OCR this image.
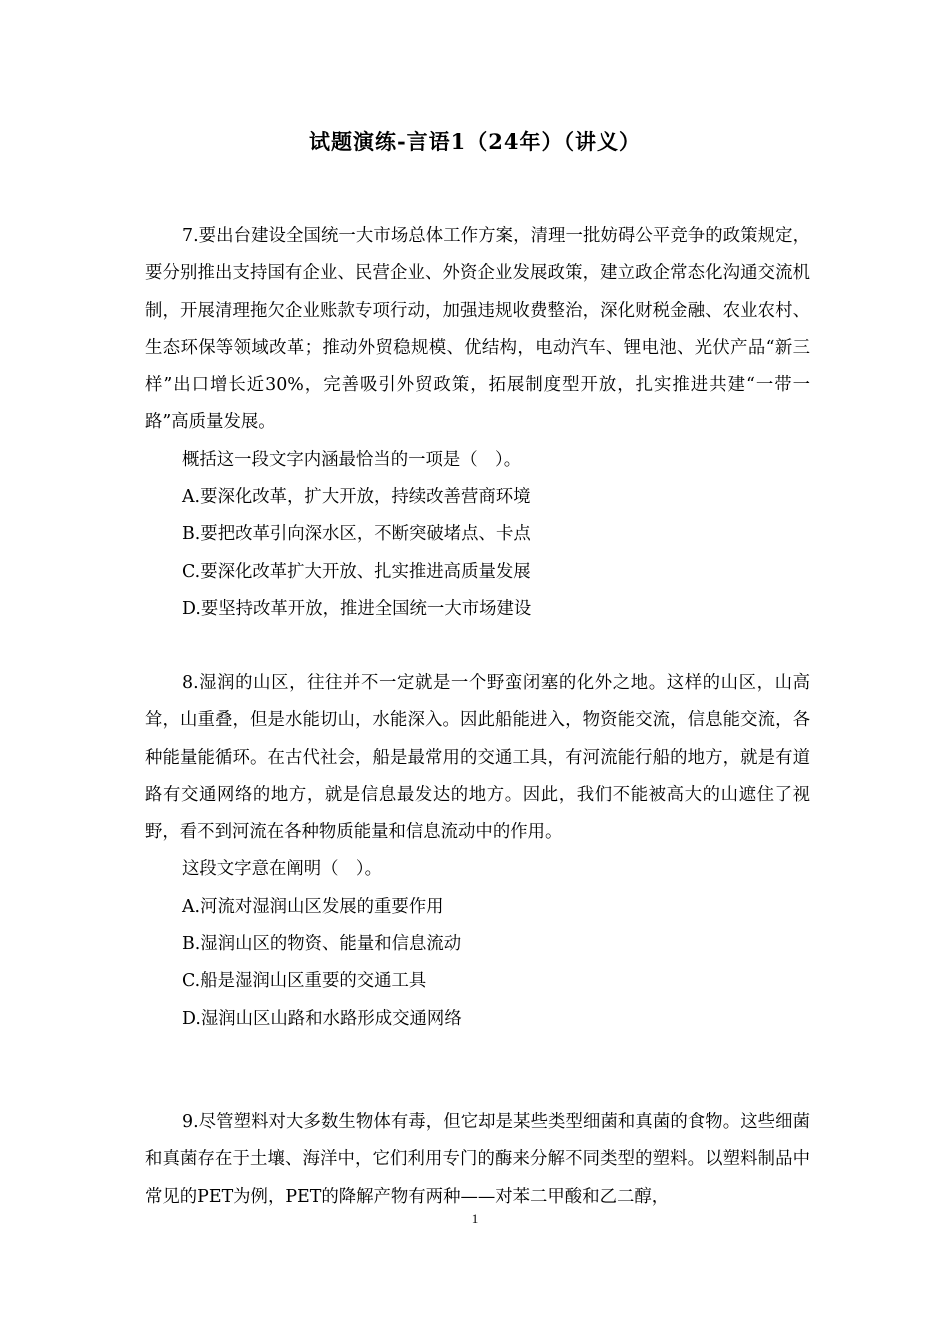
试题演练-言语1（24年）（讲义）

7.要出台建设全国统一大市场总体工作方案，清理一批妨碍公平竞争的政策规定，要分别推出支持国有企业、民营企业、外资企业发展政策，建立政企常态化沟通交流机制，开展清理拖欠企业账款专项行动，加强违规收费整治，深化财税金融、农业农村、生态环保等领域改革；推动外贸稳规模、优结构，电动汽车、锂电池、光伏产品“新三样”出口增长近30%，完善吸引外贸政策，拓展制度型开放，扎实推进共建“一带一路”高质量发展。

概括这一段文字内涵最恰当的一项是（　）。

A.要深化改革，扩大开放，持续改善营商环境

B.要把改革引向深水区，不断突破堵点、卡点

C.要深化改革扩大开放、扎实推进高质量发展

D.要坚持改革开放，推进全国统一大市场建设

8.湿润的山区，往往并不一定就是一个野蛮闭塞的化外之地。这样的山区，山高耸，山重叠，但是水能切山，水能深入。因此船能进入，物资能交流，信息能交流，各种能量能循环。在古代社会，船是最常用的交通工具，有河流能行船的地方，就是有道路有交通网络的地方，就是信息最发达的地方。因此，我们不能被高大的山遮住了视野，看不到河流在各种物质能量和信息流动中的作用。

这段文字意在阐明（　）。

A.河流对湿润山区发展的重要作用

B.湿润山区的物资、能量和信息流动

C.船是湿润山区重要的交通工具

D.湿润山区山路和水路形成交通网络

9.尽管塑料对大多数生物体有毒，但它却是某些类型细菌和真菌的食物。这些细菌和真菌存在于土壤、海洋中，它们利用专门的酶来分解不同类型的塑料。以塑料制品中常见的PET为例，PET的降解产物有两种——对苯二甲酸和乙二醇，

1
